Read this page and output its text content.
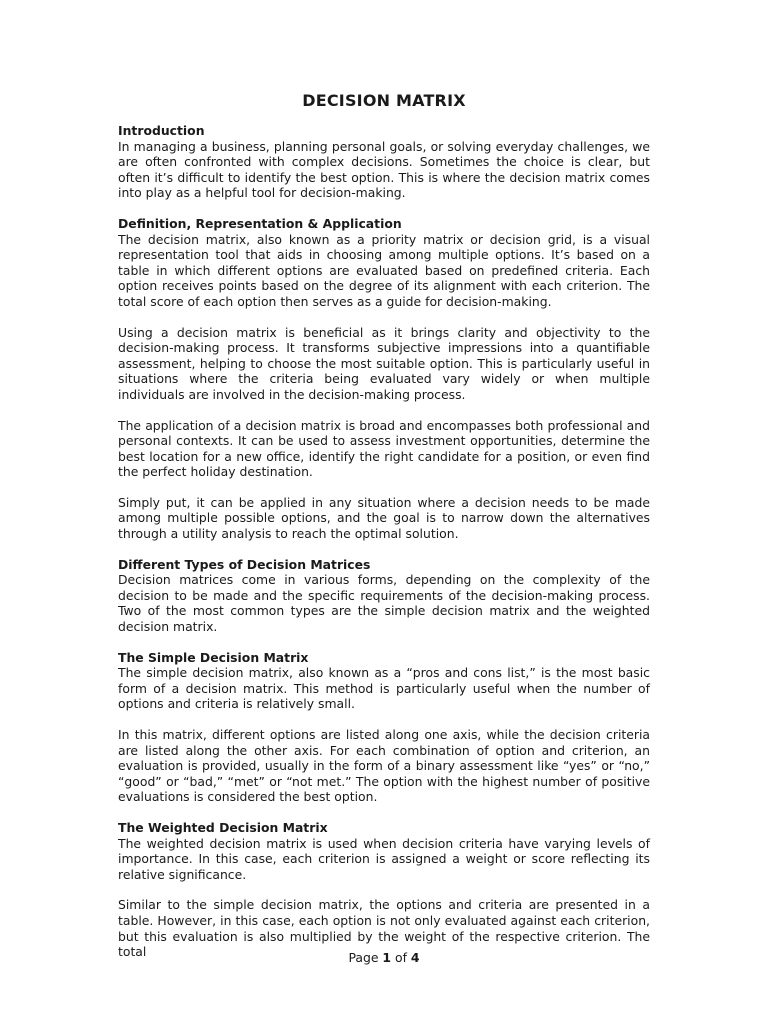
DECISION MATRIX
Introduction
In managing a business, planning personal goals, or solving everyday challenges, we are often confronted with complex decisions. Sometimes the choice is clear, but often it’s difficult to identify the best option. This is where the decision matrix comes into play as a helpful tool for decision-making.
Definition, Representation & Application
The decision matrix, also known as a priority matrix or decision grid, is a visual representation tool that aids in choosing among multiple options. It’s based on a table in which different options are evaluated based on predefined criteria. Each option receives points based on the degree of its alignment with each criterion. The total score of each option then serves as a guide for decision-making.
Using a decision matrix is beneficial as it brings clarity and objectivity to the decision-making process. It transforms subjective impressions into a quantifiable assessment, helping to choose the most suitable option. This is particularly useful in situations where the criteria being evaluated vary widely or when multiple individuals are involved in the decision-making process.
The application of a decision matrix is broad and encompasses both professional and personal contexts. It can be used to assess investment opportunities, determine the best location for a new office, identify the right candidate for a position, or even find the perfect holiday destination.
Simply put, it can be applied in any situation where a decision needs to be made among multiple possible options, and the goal is to narrow down the alternatives through a utility analysis to reach the optimal solution.
Different Types of Decision Matrices
Decision matrices come in various forms, depending on the complexity of the decision to be made and the specific requirements of the decision-making process. Two of the most common types are the simple decision matrix and the weighted decision matrix.
The Simple Decision Matrix
The simple decision matrix, also known as a “pros and cons list,” is the most basic form of a decision matrix. This method is particularly useful when the number of options and criteria is relatively small.
In this matrix, different options are listed along one axis, while the decision criteria are listed along the other axis. For each combination of option and criterion, an evaluation is provided, usually in the form of a binary assessment like “yes” or “no,” “good” or “bad,” “met” or “not met.” The option with the highest number of positive evaluations is considered the best option.
The Weighted Decision Matrix
The weighted decision matrix is used when decision criteria have varying levels of importance. In this case, each criterion is assigned a weight or score reflecting its relative significance.
Similar to the simple decision matrix, the options and criteria are presented in a table. However, in this case, each option is not only evaluated against each criterion, but this evaluation is also multiplied by the weight of the respective criterion. The total	Page 1 of 4
